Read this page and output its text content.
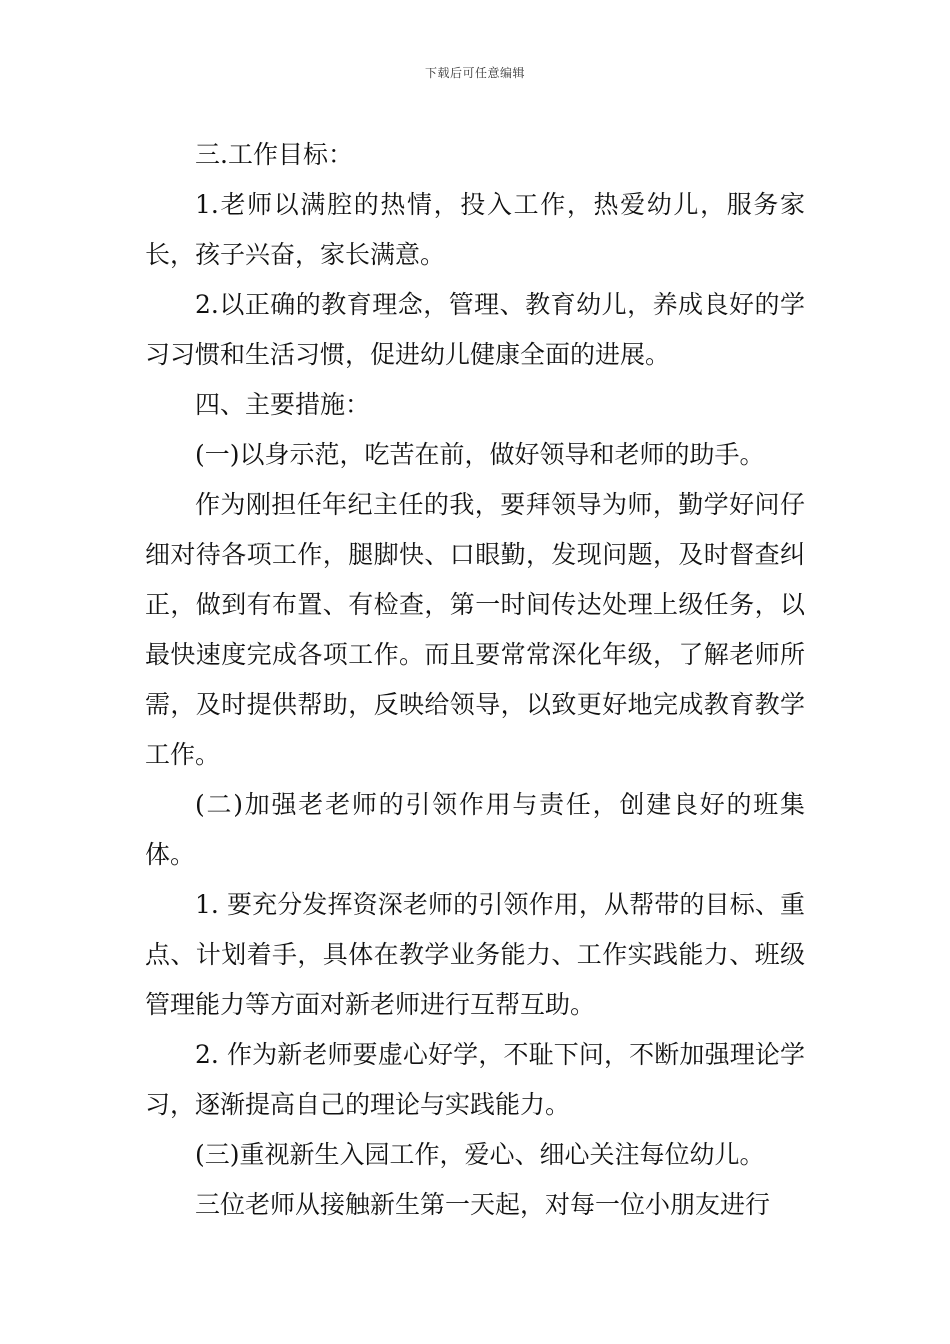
下载后可任意编辑

三.工作目标：

1.老师以满腔的热情，投入工作，热爱幼儿，服务家长，孩子兴奋，家长满意。

2.以正确的教育理念，管理、教育幼儿，养成良好的学习习惯和生活习惯，促进幼儿健康全面的进展。

四、主要措施：

(一)以身示范，吃苦在前，做好领导和老师的助手。

作为刚担任年纪主任的我，要拜领导为师，勤学好问仔细对待各项工作，腿脚快、口眼勤，发现问题，及时督查纠正，做到有布置、有检查，第一时间传达处理上级任务，以最快速度完成各项工作。而且要常常深化年级，了解老师所需，及时提供帮助，反映给领导，以致更好地完成教育教学工作。

(二)加强老老师的引领作用与责任，创建良好的班集体。

1. 要充分发挥资深老师的引领作用，从帮带的目标、重点、计划着手，具体在教学业务能力、工作实践能力、班级管理能力等方面对新老师进行互帮互助。

2. 作为新老师要虚心好学，不耻下问，不断加强理论学习，逐渐提高自己的理论与实践能力。

(三)重视新生入园工作，爱心、细心关注每位幼儿。

三位老师从接触新生第一天起，对每一位小朋友进行
